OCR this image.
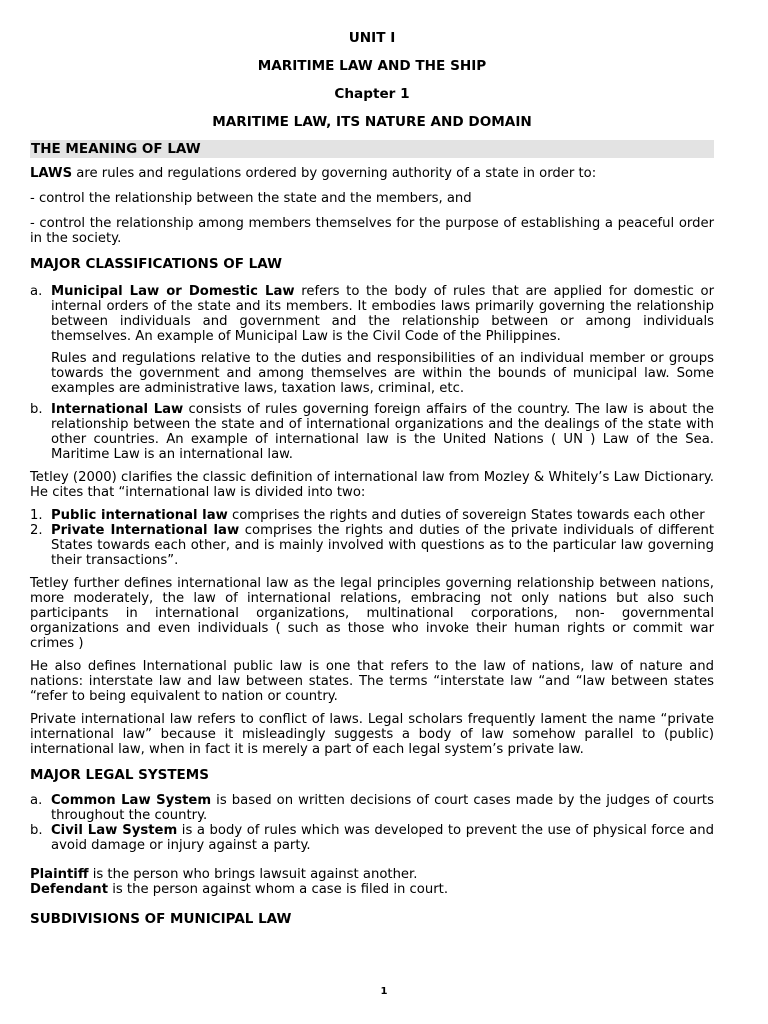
UNIT I
MARITIME LAW AND THE SHIP
Chapter 1
MARITIME LAW, ITS NATURE AND DOMAIN
THE MEANING OF LAW

LAWS are rules and regulations ordered by governing authority of a state in order to:

- control the relationship between the state and the members, and

- control the relationship among members themselves for the purpose of establishing a peaceful order in the society.

MAJOR CLASSIFICATIONS OF LAW
a. Municipal Law or Domestic Law refers to the body of rules that are applied for domestic or internal orders of the state and its members. It embodies laws primarily governing the relationship between individuals and government and the relationship between or among individuals themselves. An example of Municipal Law is the Civil Code of the Philippines.

Rules and regulations relative to the duties and responsibilities of an individual member or groups towards the government and among themselves are within the bounds of municipal law. Some examples are administrative laws, taxation laws, criminal, etc.

b. International Law consists of rules governing foreign affairs of the country. The law is about the relationship between the state and of international organizations and the dealings of the state with other countries. An example of international law is the United Nations ( UN ) Law of the Sea. Maritime Law is an international law.

Tetley (2000) clarifies the classic definition of international law from Mozley & Whitely’s Law Dictionary. He cites that “international law is divided into two:

1. Public international law comprises the rights and duties of sovereign States towards each other
2. Private International law comprises the rights and duties of the private individuals of different States towards each other, and is mainly involved with questions as to the particular law governing their transactions”.

Tetley further defines international law as the legal principles governing relationship between nations, more moderately, the law of international relations, embracing not only nations but also such participants in international organizations, multinational corporations, non- governmental organizations and even individuals ( such as those who invoke their human rights or commit war crimes )

He also defines International public law is one that refers to the law of nations, law of nature and nations: interstate law and law between states. The terms “interstate law “and “law between states “refer to being equivalent to nation or country.

Private international law refers to conflict of laws. Legal scholars frequently lament the name “private international law” because it misleadingly suggests a body of law somehow parallel to (public) international law, when in fact it is merely a part of each legal system’s private law.

MAJOR LEGAL SYSTEMS
a. Common Law System is based on written decisions of court cases made by the judges of courts throughout the country.
b. Civil Law System is a body of rules which was developed to prevent the use of physical force and avoid damage or injury against a party.

Plaintiff is the person who brings lawsuit against another.

Defendant is the person against whom a case is filed in court.

SUBDIVISIONS OF MUNICIPAL LAW
1
